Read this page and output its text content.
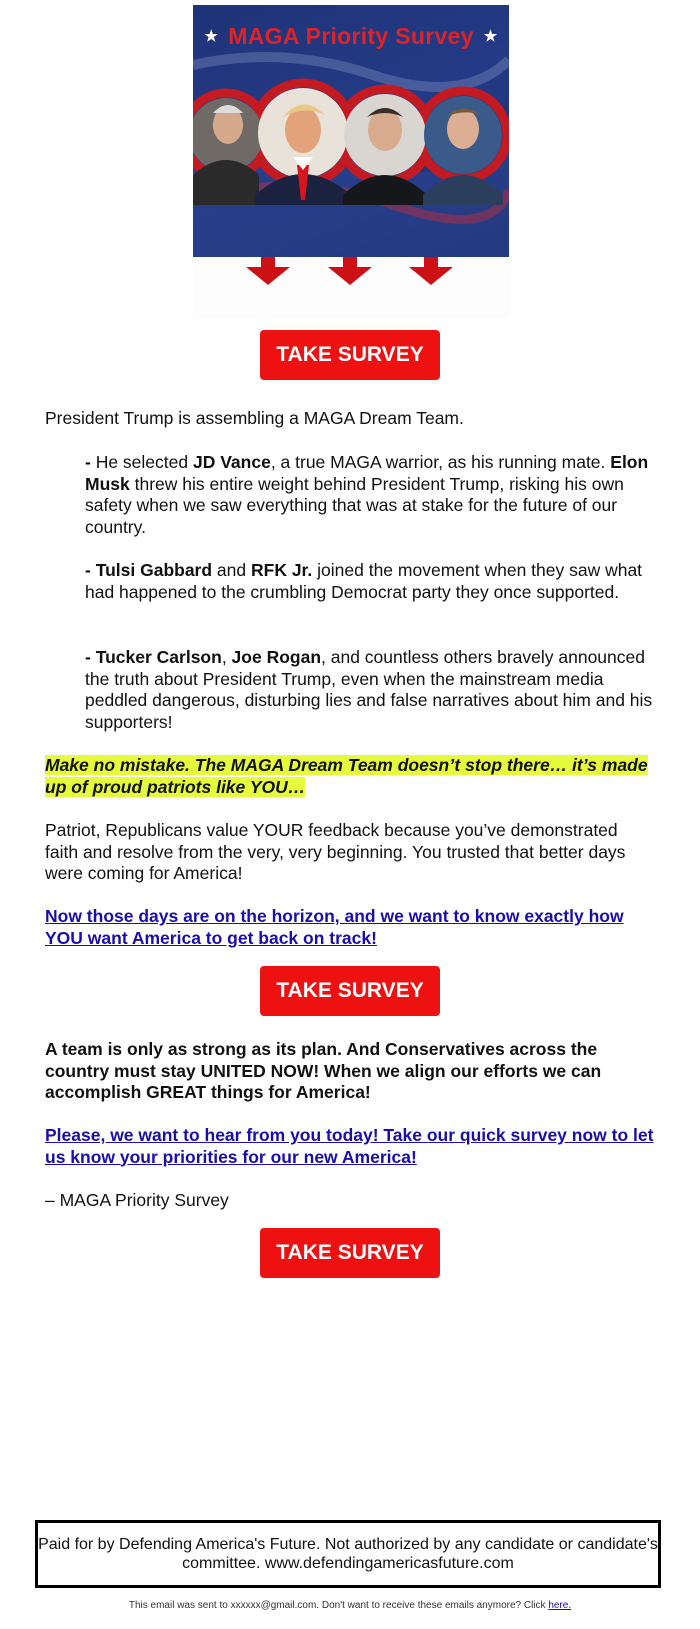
★ MAGA Priority Survey ★
TAKE SURVEY

President Trump is assembling a MAGA Dream Team.

- He selected JD Vance, a true MAGA warrior, as his running mate. Elon Musk threw his entire weight behind President Trump, risking his own safety when we saw everything that was at stake for the future of our country.

- Tulsi Gabbard and RFK Jr. joined the movement when they saw what had happened to the crumbling Democrat party they once supported.

- Tucker Carlson, Joe Rogan, and countless others bravely announced the truth about President Trump, even when the mainstream media peddled dangerous, disturbing lies and false narratives about him and his supporters!

Make no mistake. The MAGA Dream Team doesn’t stop there… it’s made up of proud patriots like YOU…

Patriot, Republicans value YOUR feedback because you’ve demonstrated faith and resolve from the very, very beginning. You trusted that better days were coming for America!

Now those days are on the horizon, and we want to know exactly how YOU want America to get back on track!

TAKE SURVEY

A team is only as strong as its plan. And Conservatives across the country must stay UNITED NOW! When we align our efforts we can accomplish GREAT things for America!

Please, we want to hear from you today! Take our quick survey now to let us know your priorities for our new America!

– MAGA Priority Survey

TAKE SURVEY
Paid for by Defending America's Future. Not authorized by any candidate or candidate's committee. www.defendingamericasfuture.com
This email was sent to xxxxxx@gmail.com. Don't want to receive these emails anymore? Click here.
